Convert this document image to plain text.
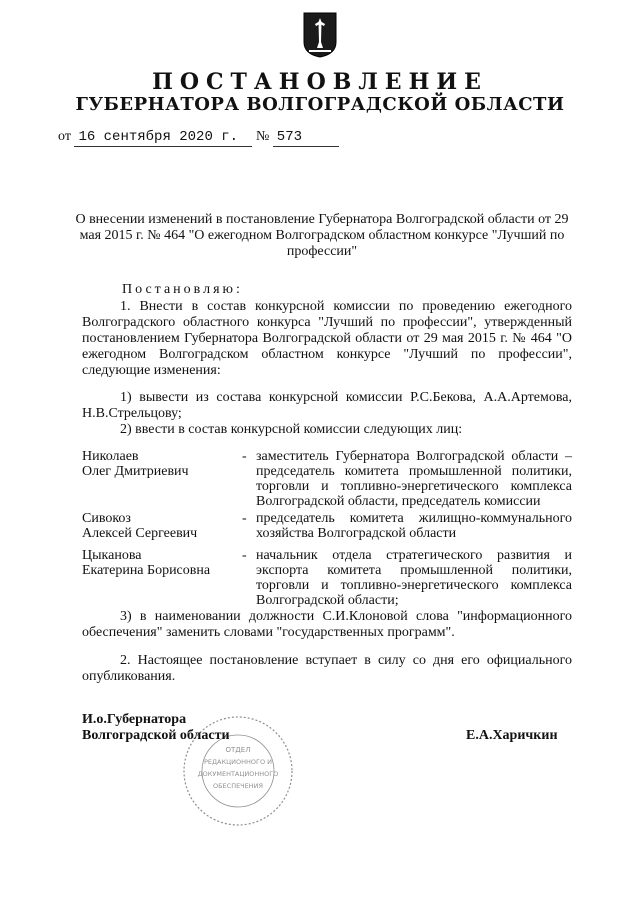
ПОСТАНОВЛЕНИЕ
ГУБЕРНАТОРА ВОЛГОГРАДСКОЙ ОБЛАСТИ
от 16 сентября 2020 г. № 573
О внесении изменений в постановление Губернатора Волгоградской области от 29 мая 2015 г. № 464 "О ежегодном Волгоградском областном конкурсе "Лучший по профессии"
Постановляю:
1. Внести в состав конкурсной комиссии по проведению ежегодного Волгоградского областного конкурса "Лучший по профессии", утвержденный постановлением Губернатора Волгоградской области от 29 мая 2015 г. № 464 "О ежегодном Волгоградском областном конкурсе "Лучший по профессии", следующие изменения:
1) вывести из состава конкурсной комиссии Р.С.Бекова, А.А.Артемова, Н.В.Стрельцову;
2) ввести в состав конкурсной комиссии следующих лиц:
Николаев
Олег Дмитриевич
- заместитель Губернатора Волгоградской области – председатель комитета промышленной политики, торговли и топливно-энергетического комплекса Волгоградской области, председатель комиссии
Сивокоз
Алексей Сергеевич
- председатель комитета жилищно-коммунального хозяйства Волгоградской области
Цыканова
Екатерина Борисовна
- начальник отдела стратегического развития и экспорта комитета промышленной политики, торговли и топливно-энергетического комплекса Волгоградской области;
3) в наименовании должности С.И.Клоновой слова "информационного обеспечения" заменить словами "государственных программ".
2. Настоящее постановление вступает в силу со дня его официального опубликования.
ОТДЕЛ
РЕДАКЦИОННОГО И
ДОКУМЕНТАЦИОННОГО
ОБЕСПЕЧЕНИЯ
И.о.Губернатора
Волгоградской области	Е.А.Харичкин
